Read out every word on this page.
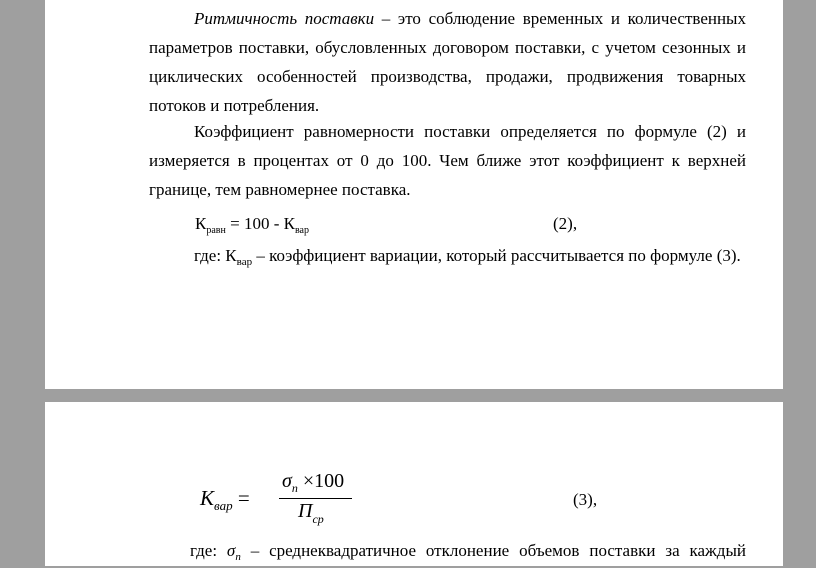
Ритмичность поставки – это соблюдение временных и количественных параметров поставки, обусловленных договором поставки, с учетом сезонных и циклических особенностей производства, продажи, продвижения товарных потоков и потребления.

Коэффициент равномерности поставки определяется по формуле (2) и измеряется в процентах от 0 до 100. Чем ближе этот коэффициент к верхней границе, тем равномернее поставка.

$К_{равн} = 100 - К_{вар}$	(2),
где: $К_{вар}$ – коэффициент вариации, который рассчитывается по формуле (3).
$K_{вар}$ =
$\sigma_п \times 100$
$П_{ср}$
(3),
где: $\sigma_п$ – среднеквадратичное отклонение объемов поставки за каждый
